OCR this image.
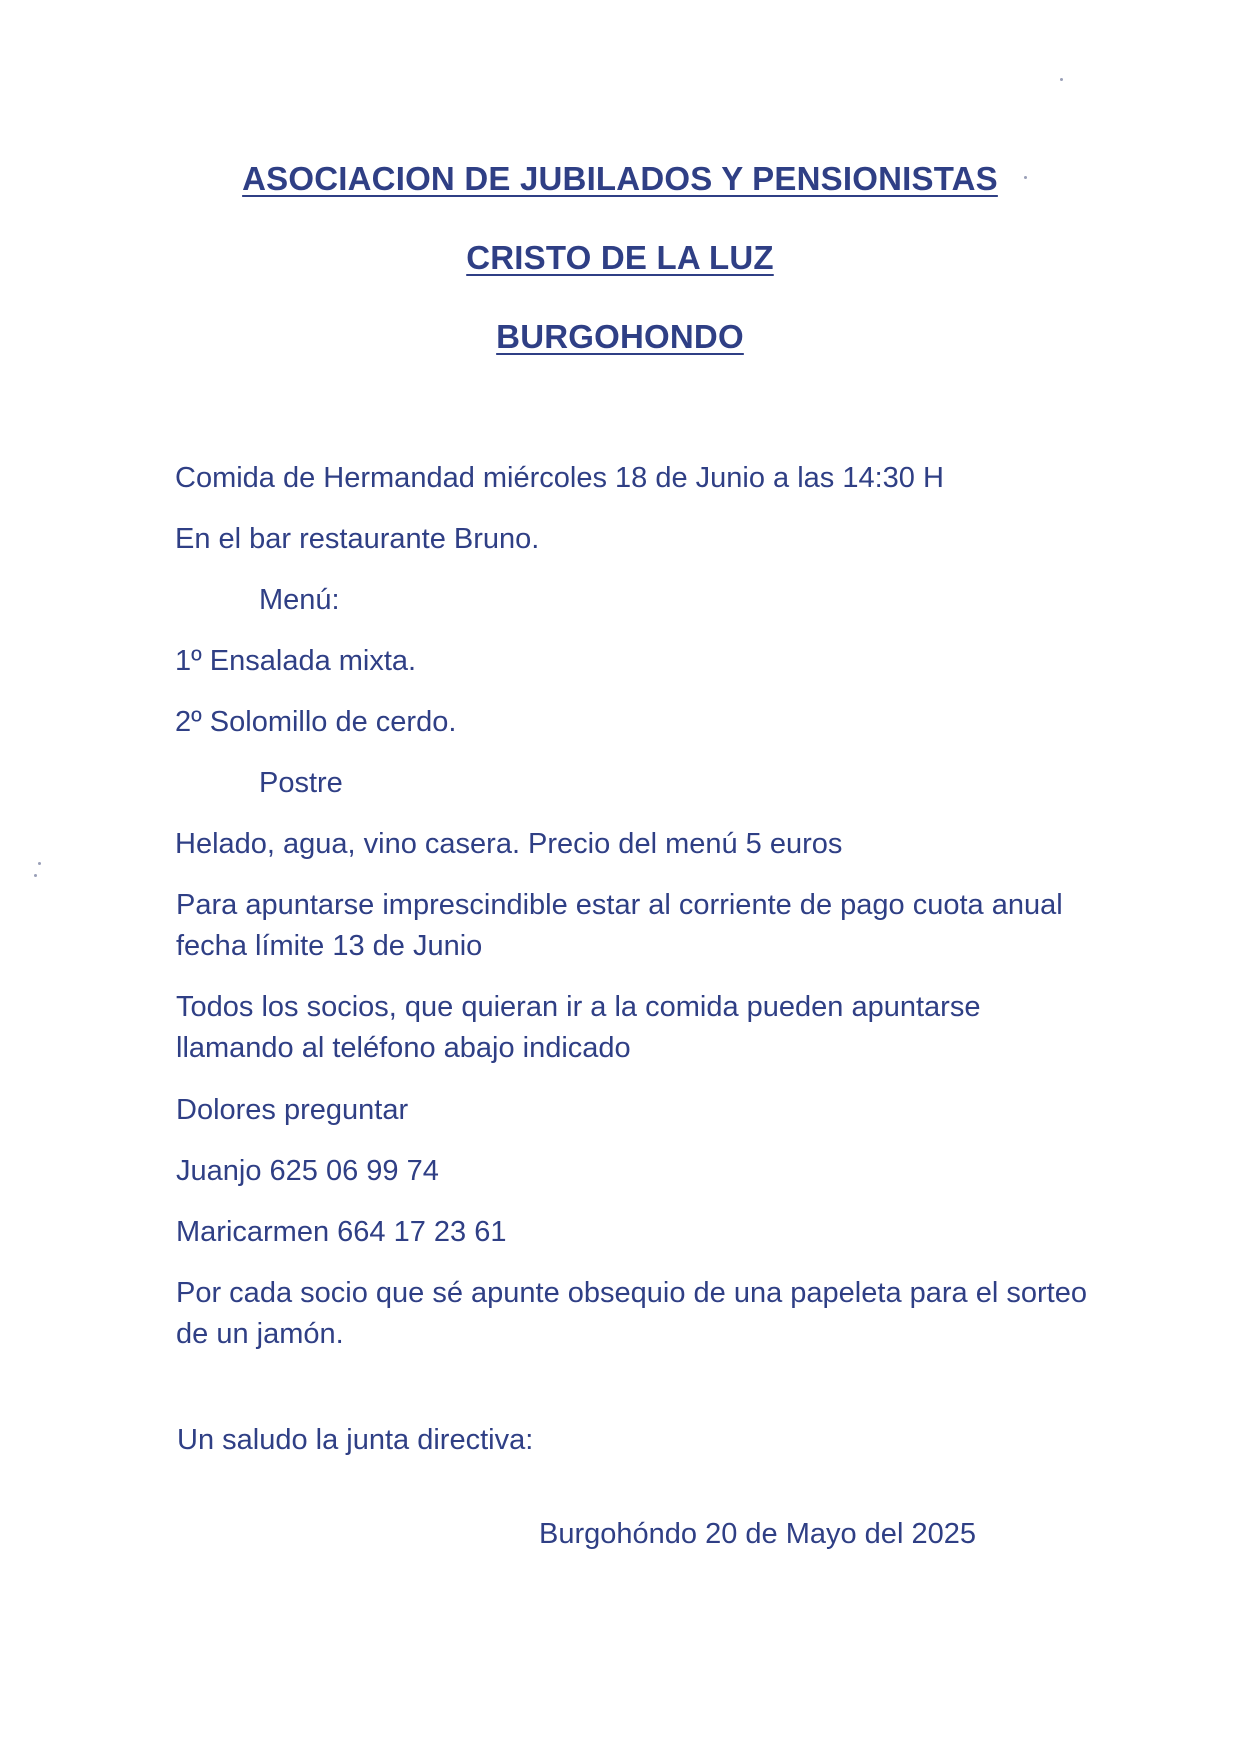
ASOCIACION DE JUBILADOS Y PENSIONISTAS
CRISTO DE LA LUZ
BURGOHONDO
Comida de Hermandad miércoles 18 de Junio a las 14:30 H
En el bar restaurante Bruno.
Menú:
1º Ensalada mixta.
2º Solomillo de cerdo.
Postre
Helado, agua, vino casera. Precio del menú 5 euros
Para apuntarse imprescindible estar al corriente de pago cuota anual fecha límite 13 de Junio
Todos los socios, que quieran ir a la comida pueden apuntarse llamando al teléfono abajo indicado
Dolores preguntar
Juanjo 625 06 99 74
Maricarmen 664 17 23 61
Por cada socio que sé apunte obsequio de una papeleta para el sorteo de un jamón.
Un saludo la junta directiva:
Burgohóndo 20 de Mayo del 2025
